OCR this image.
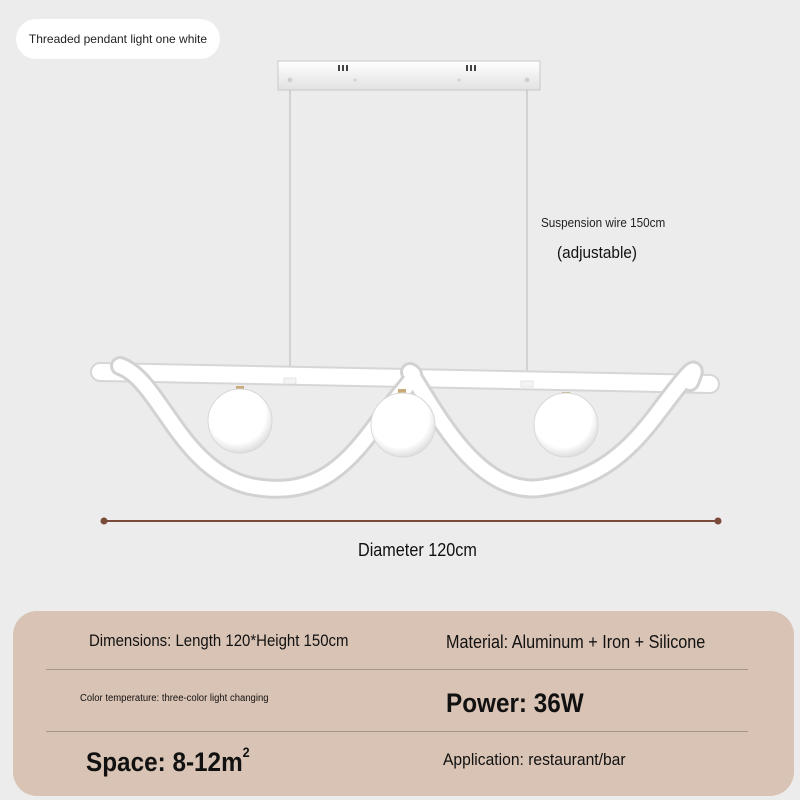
Threaded pendant light one white
Suspension wire 150cm
(adjustable)
Diameter 120cm
Dimensions: Length 120*Height 150cm	Material: Aluminum + Iron + Silicone
Color temperature: three-color light changing	Power: 36W
Space: $8-12m^2$	Application: restaurant/bar
